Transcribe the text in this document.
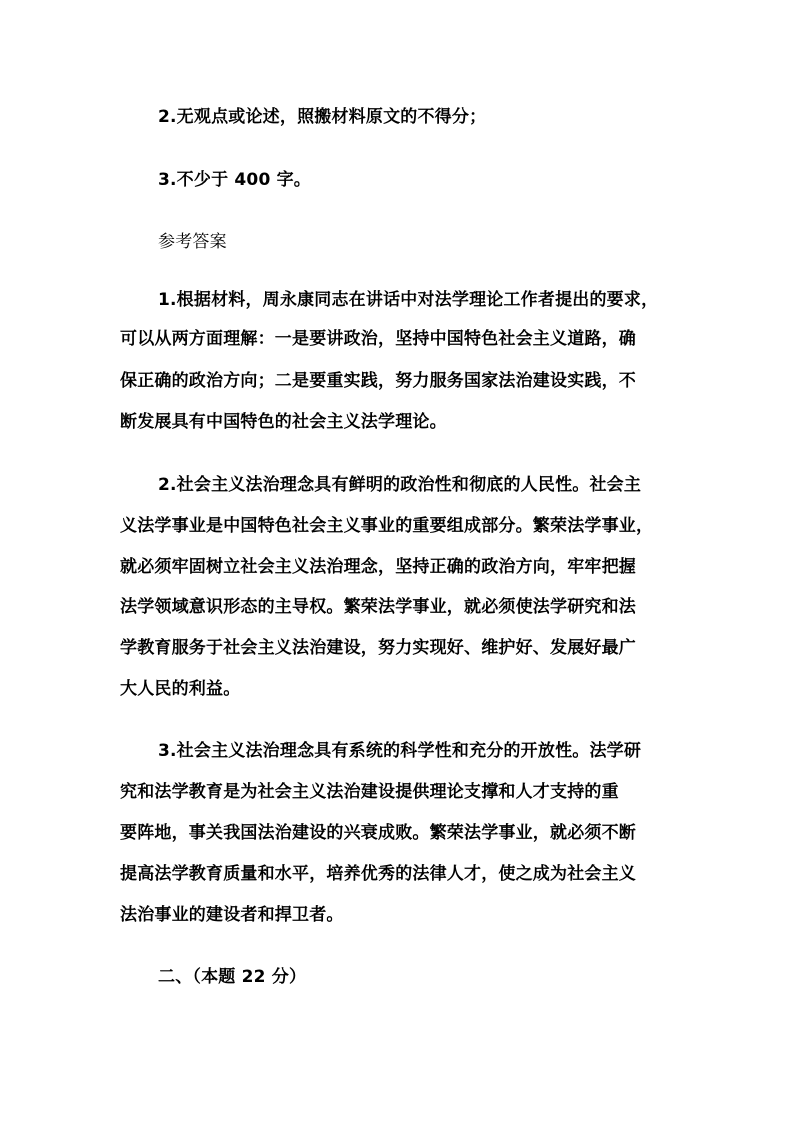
2.无观点或论述，照搬材料原文的不得分；
3.不少于 400 字。
参考答案
1.根据材料，周永康同志在讲话中对法学理论工作者提出的要求，
可以从两方面理解：一是要讲政治，坚持中国特色社会主义道路，确
保正确的政治方向；二是要重实践，努力服务国家法治建设实践，不
断发展具有中国特色的社会主义法学理论。
2.社会主义法治理念具有鲜明的政治性和彻底的人民性。社会主
义法学事业是中国特色社会主义事业的重要组成部分。繁荣法学事业，
就必须牢固树立社会主义法治理念，坚持正确的政治方向，牢牢把握
法学领域意识形态的主导权。繁荣法学事业，就必须使法学研究和法
学教育服务于社会主义法治建设，努力实现好、维护好、发展好最广
大人民的利益。
3.社会主义法治理念具有系统的科学性和充分的开放性。法学研
究和法学教育是为社会主义法治建设提供理论支撑和人才支持的重
要阵地，事关我国法治建设的兴衰成败。繁荣法学事业，就必须不断
提高法学教育质量和水平，培养优秀的法律人才，使之成为社会主义
法治事业的建设者和捍卫者。
二、（本题 22 分）
